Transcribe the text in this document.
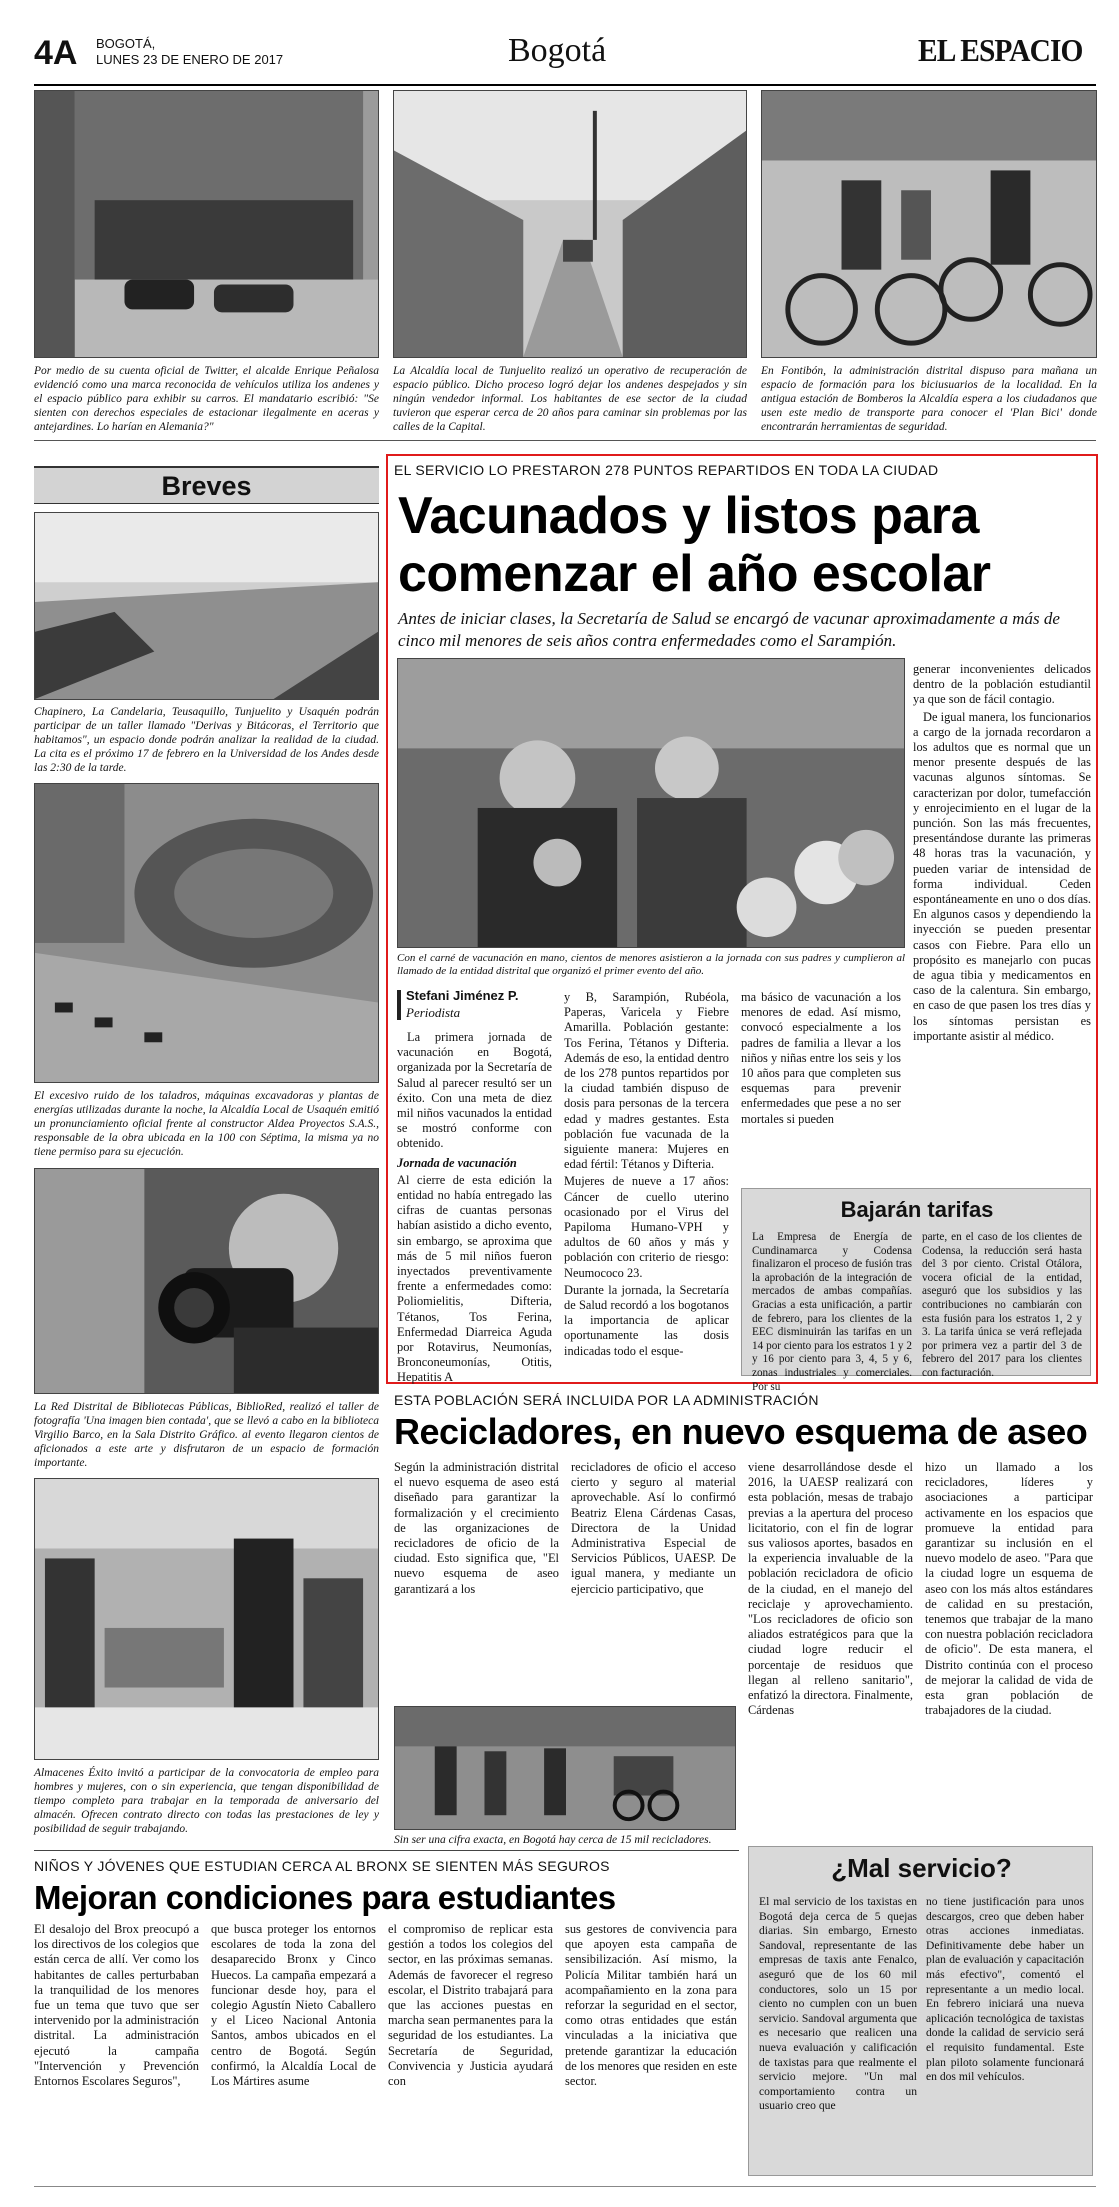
4A BOGOTÁ,
LUNES 23 DE ENERO DE 2017	Bogotá	EL ESPACIO
Por medio de su cuenta oficial de Twitter, el alcalde Enrique Peñalosa evidenció como una marca reconocida de vehículos utiliza los andenes y el espacio público para exhibir su carros. El mandatario escribió: "Se sienten con derechos especiales de estacionar ilegalmente en aceras y antejardines. Lo harían en Alemania?"
La Alcaldía local de Tunjuelito realizó un operativo de recuperación de espacio público. Dicho proceso logró dejar los andenes despejados y sin ningún vendedor informal. Los habitantes de ese sector de la ciudad tuvieron que esperar cerca de 20 años para caminar sin problemas por las calles de la Capital.
En Fontibón, la administración distrital dispuso para mañana un espacio de formación para los biciusuarios de la localidad. En la antigua estación de Bomberos la Alcaldía espera a los ciudadanos que usen este medio de transporte para conocer el 'Plan Bici' donde encontrarán herramientas de seguridad.
Breves
Chapinero, La Candelaria, Teusaquillo, Tunjuelito y Usaquén podrán participar de un taller llamado "Derivas y Bitácoras, el Territorio que habitamos", un espacio donde podrán analizar la realidad de la ciudad. La cita es el próximo 17 de febrero en la Universidad de los Andes desde las 2:30 de la tarde.
El excesivo ruido de los taladros, máquinas excavadoras y plantas de energías utilizadas durante la noche, la Alcaldía Local de Usaquén emitió un pronunciamiento oficial frente al constructor Aldea Proyectos S.A.S., responsable de la obra ubicada en la 100 con Séptima, la misma ya no tiene permiso para su ejecución.
La Red Distrital de Bibliotecas Públicas, BiblioRed, realizó el taller de fotografía 'Una imagen bien contada', que se llevó a cabo en la biblioteca Virgilio Barco, en la Sala Distrito Gráfico. al evento llegaron cientos de aficionados a este arte y disfrutaron de un espacio de formación importante.
Almacenes Éxito invitó a participar de la convocatoria de empleo para hombres y mujeres, con o sin experiencia, que tengan disponibilidad de tiempo completo para trabajar en la temporada de aniversario del almacén. Ofrecen contrato directo con todas las prestaciones de ley y posibilidad de seguir trabajando.
EL SERVICIO LO PRESTARON 278 PUNTOS REPARTIDOS EN TODA LA CIUDAD
Vacunados y listos para
comenzar el año escolar
Antes de iniciar clases, la Secretaría de Salud se encargó de vacunar aproximadamente a más de cinco mil menores de seis años contra enfermedades como el Sarampión.
Con el carné de vacunación en mano, cientos de menores asistieron a la jornada con sus padres y cumplieron al llamado de la entidad distrital que organizó el primer evento del año.
Stefani Jiménez P.
Periodista

La primera jornada de vacunación en Bogotá, organizada por la Secretaría de Salud al parecer resultó ser un éxito. Con una meta de diez mil niños vacunados la entidad se mostró conforme con obtenido.

Jornada de vacunación

Al cierre de esta edición la entidad no había entregado las cifras de cuantas personas habían asistido a dicho evento, sin embargo, se aproxima que más de 5 mil niños fueron inyectados preventivamente frente a enfermedades como: Poliomielitis, Difteria, Tétanos, Tos Ferina, Enfermedad Diarreica Aguda por Rotavirus, Neumonías, Bronconeumonías, Otitis, Hepatitis A

y B, Sarampión, Rubéola, Paperas, Varicela y Fiebre Amarilla. Población gestante: Tos Ferina, Tétanos y Difteria. Además de eso, la entidad dentro de los 278 puntos repartidos por la ciudad también dispuso de dosis para personas de la tercera edad y madres gestantes. Esta población fue vacunada de la siguiente manera: Mujeres en edad fértil: Tétanos y Difteria.

Mujeres de nueve a 17 años: Cáncer de cuello uterino ocasionado por el Virus del Papiloma Humano-VPH y adultos de 60 años y más y población con criterio de riesgo: Neumococo 23.

Durante la jornada, la Secretaría de Salud recordó a los bogotanos la importancia de aplicar oportunamente las dosis indicadas todo el esque-

ma básico de vacunación a los menores de edad. Así mismo, convocó especialmente a los padres de familia a llevar a los niños y niñas entre los seis y los 10 años para que completen sus esquemas para prevenir enfermedades que pese a no ser mortales si pueden

generar inconvenientes delicados dentro de la población estudiantil ya que son de fácil contagio.

De igual manera, los funcionarios a cargo de la jornada recordaron a los adultos que es normal que un menor presente después de las vacunas algunos síntomas. Se caracterizan por dolor, tumefacción y enrojecimiento en el lugar de la punción. Son las más frecuentes, presentándose durante las primeras 48 horas tras la vacunación, y pueden variar de intensidad de forma individual. Ceden espontáneamente en uno o dos días. En algunos casos y dependiendo la inyección se pueden presentar casos con Fiebre. Para ello un propósito es manejarlo con pucas de agua tibia y medicamentos en caso de la calentura. Sin embargo, en caso de que pasen los tres días y los síntomas persistan es importante asistir al médico.

Bajarán tarifas
La Empresa de Energía de Cundinamarca y Codensa finalizaron el proceso de fusión tras la aprobación de la integración de mercados de ambas compañías. Gracias a esta unificación, a partir de febrero, para los clientes de la EEC disminuirán las tarifas en un 14 por ciento para los estratos 1 y 2 y 16 por ciento para 3, 4, 5 y 6, zonas industriales y comerciales. Por su
parte, en el caso de los clientes de Codensa, la reducción será hasta del 3 por ciento. Cristal Otálora, vocera oficial de la entidad, aseguró que los subsidios y las contribuciones no cambiarán con esta fusión para los estratos 1, 2 y 3. La tarifa única se verá reflejada por primera vez a partir del 3 de febrero del 2017 para los clientes con facturación.
ESTA POBLACIÓN SERÁ INCLUIDA POR LA ADMINISTRACIÓN
Recicladores, en nuevo esquema de aseo
Según la administración distrital el nuevo esquema de aseo está diseñado para garantizar la formalización y el crecimiento de las organizaciones de recicladores de oficio de la ciudad. Esto significa que, "El nuevo esquema de aseo garantizará a los
recicladores de oficio el acceso cierto y seguro al material aprovechable. Así lo confirmó Beatriz Elena Cárdenas Casas, Directora de la Unidad Administrativa Especial de Servicios Públicos, UAESP. De igual manera, y mediante un ejercicio participativo, que
viene desarrollándose desde el 2016, la UAESP realizará con esta población, mesas de trabajo previas a la apertura del proceso licitatorio, con el fin de lograr sus valiosos aportes, basados en la experiencia invaluable de la población recicladora de oficio de la ciudad, en el manejo del reciclaje y aprovechamiento. "Los recicladores de oficio son aliados estratégicos para que la ciudad logre reducir el porcentaje de residuos que llegan al relleno sanitario", enfatizó la directora. Finalmente, Cárdenas
hizo un llamado a los recicladores, líderes y asociaciones a participar activamente en los espacios que promueve la entidad para garantizar su inclusión en el nuevo modelo de aseo. "Para que la ciudad logre un esquema de aseo con los más altos estándares de calidad en su prestación, tenemos que trabajar de la mano con nuestra población recicladora de oficio". De esta manera, el Distrito continúa con el proceso de mejorar la calidad de vida de esta gran población de trabajadores de la ciudad.
Sin ser una cifra exacta, en Bogotá hay cerca de 15 mil recicladores.
¿Mal servicio?
El mal servicio de los taxistas en Bogotá deja cerca de 5 quejas diarias. Sin embargo, Ernesto Sandoval, representante de las empresas de taxis ante Fenalco, aseguró que de los 60 mil conductores, solo un 15 por ciento no cumplen con un buen servicio. Sandoval argumenta que es necesario que realicen una nueva evaluación y calificación de taxistas para que realmente el servicio mejore. "Un mal comportamiento contra un usuario creo que
no tiene justificación para unos descargos, creo que deben haber otras acciones inmediatas. Definitivamente debe haber un plan de evaluación y capacitación más efectivo", comentó el representante a un medio local. En febrero iniciará una nueva aplicación tecnológica de taxistas donde la calidad de servicio será el requisito fundamental. Este plan piloto solamente funcionará en dos mil vehículos.
NIÑOS Y JÓVENES QUE ESTUDIAN CERCA AL BRONX SE SIENTEN MÁS SEGUROS
Mejoran condiciones para estudiantes
El desalojo del Brox preocupó a los directivos de los colegios que están cerca de allí. Ver como los habitantes de calles perturbaban la tranquilidad de los menores fue un tema que tuvo que ser intervenido por la administración distrital. La administración ejecutó la campaña "Intervención y Prevención Entornos Escolares Seguros",
que busca proteger los entornos escolares de toda la zona del desaparecido Bronx y Cinco Huecos. La campaña empezará a funcionar desde hoy, para el colegio Agustín Nieto Caballero y el Liceo Nacional Antonia Santos, ambos ubicados en el centro de Bogotá. Según confirmó, la Alcaldía Local de Los Mártires asume
el compromiso de replicar esta gestión a todos los colegios del sector, en las próximas semanas. Además de favorecer el regreso escolar, el Distrito trabajará para que las acciones puestas en marcha sean permanentes para la seguridad de los estudiantes. La Secretaría de Seguridad, Convivencia y Justicia ayudará con
sus gestores de convivencia para que apoyen esta campaña de sensibilización. Así mismo, la Policía Militar también hará un acompañamiento en la zona para reforzar la seguridad en el sector, como otras entidades que están vinculadas a la iniciativa que pretende garantizar la educación de los menores que residen en este sector.
